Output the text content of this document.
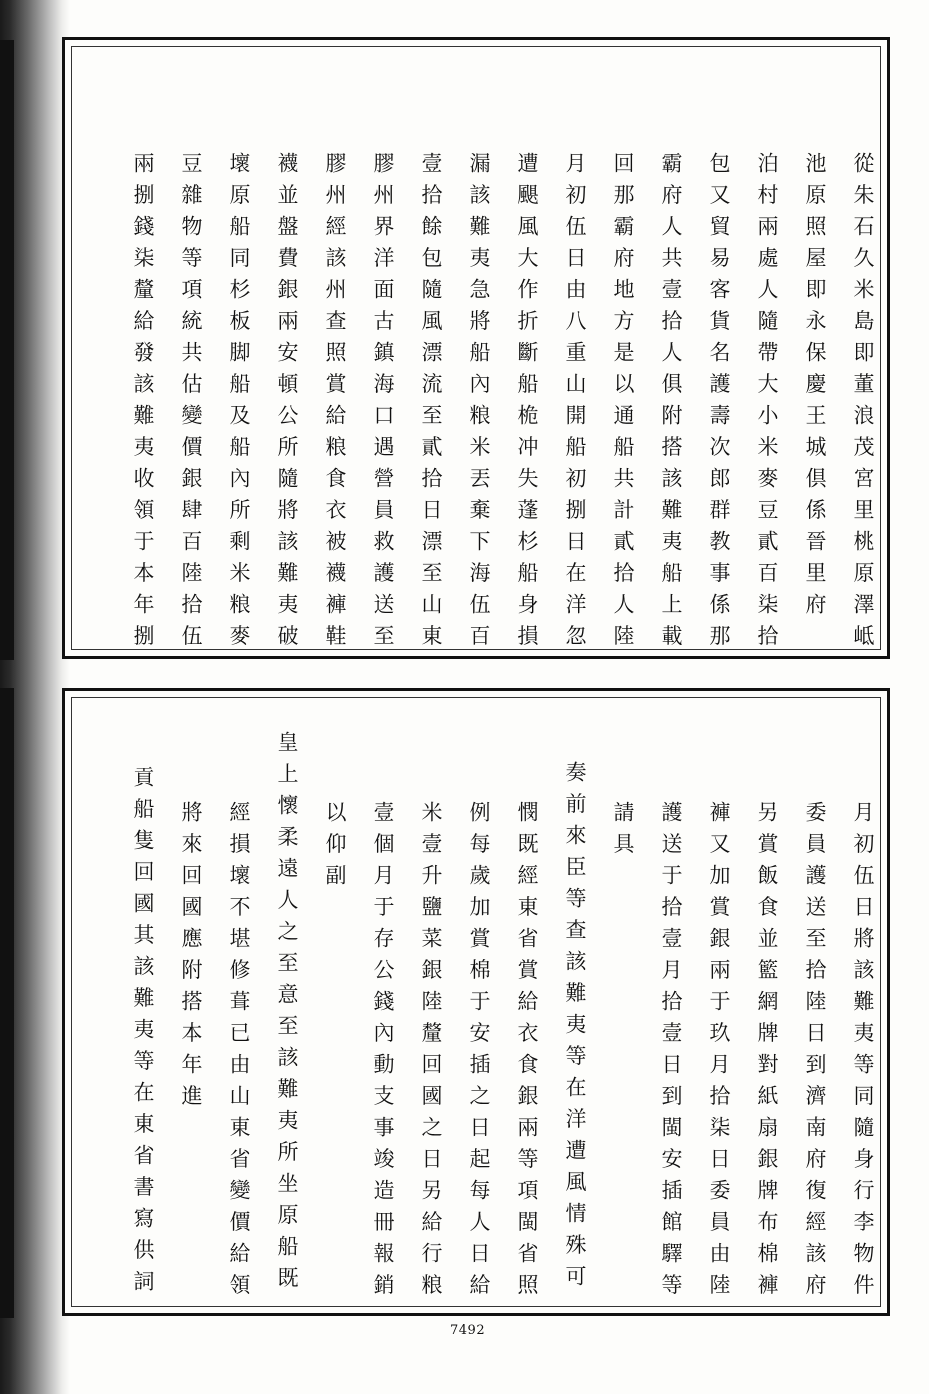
從朱石久米島即董浪茂宮里桃原澤岻
池原照屋即永保慶王城倶係晉里府
泊村兩處人隨帶大小米麥豆貳百柒拾
包又貿易客貨名護壽次郎群教事係那
霸府人共壹拾人俱附搭該難夷船上載
回那霸府地方是以通船共計貳拾人陸
月初伍日由八重山開船初捌日在洋忽
遭颶風大作折斷船桅冲失蓬杉船身損
漏該難夷急將船內粮米丟棄下海伍百
壹拾餘包隨風漂流至貳拾日漂至山東
膠州界洋面古鎮海口遇營員救護送至
膠州經該州查照賞給粮食衣被襪褲鞋
襪並盤費銀兩安頓公所隨將該難夷破
壞原船同杉板脚船及船內所剩米粮麥
豆雜物等項統共估變價銀肆百陸拾伍
兩捌錢柒釐給發該難夷收領于本年捌
月初伍日將該難夷等同隨身行李物件
委員護送至拾陸日到濟南府復經該府
另賞飯食並籃網牌對紙扇銀牌布棉褲
褲又加賞銀兩于玖月拾柒日委員由陸
護送于拾壹月拾壹日到閩安插館驛等
請具
奏前來臣等查該難夷等在洋遭風情殊可
憫既經東省賞給衣食銀兩等項閩省照
例每歲加賞棉于安插之日起每人日給
米壹升鹽菜銀陸釐回國之日另給行粮
壹個月于存公錢內動支事竣造冊報銷
以仰副
皇上懷柔遠人之至意至該難夷所坐原船既
經損壞不堪修葺已由山東省變價給領
將來回國應附搭本年進
貢船隻回國其該難夷等在東省書寫供詞
7492
